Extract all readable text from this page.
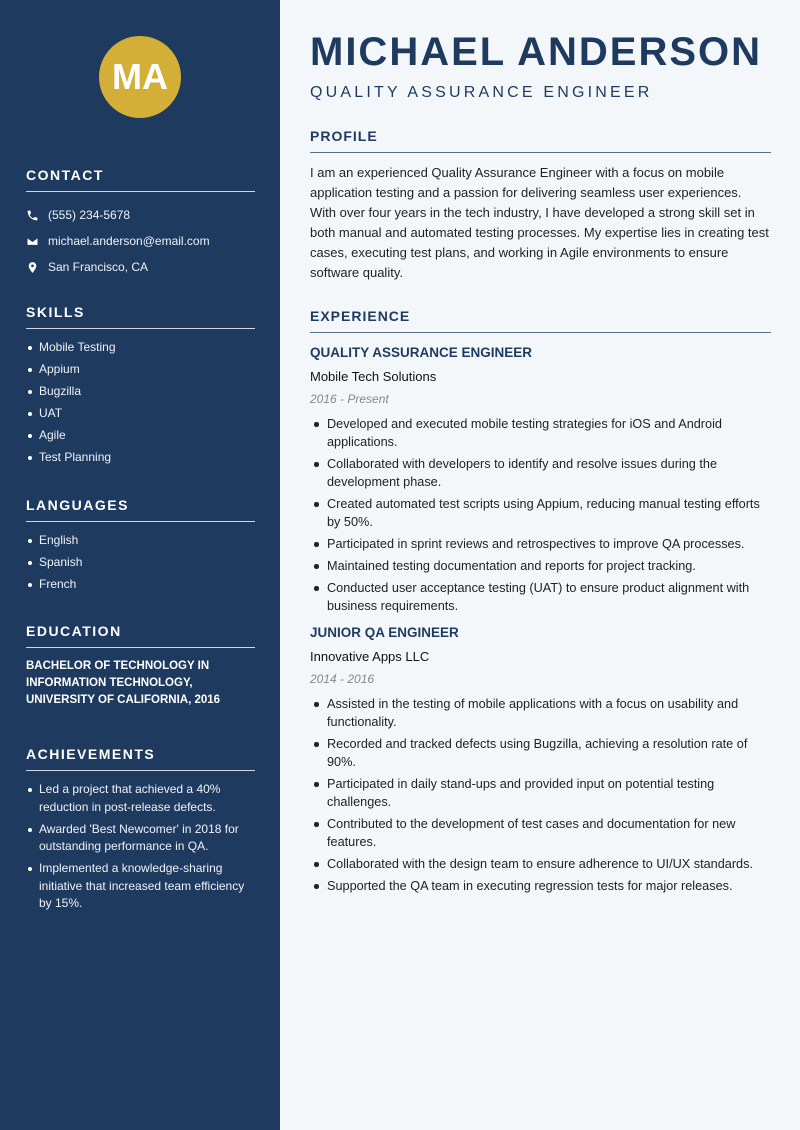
MA
CONTACT
(555) 234-5678
michael.anderson@email.com
San Francisco, CA
SKILLS
Mobile Testing
Appium
Bugzilla
UAT
Agile
Test Planning
LANGUAGES
English
Spanish
French
EDUCATION
BACHELOR OF TECHNOLOGY IN INFORMATION TECHNOLOGY, UNIVERSITY OF CALIFORNIA, 2016
ACHIEVEMENTS
Led a project that achieved a 40% reduction in post-release defects.
Awarded 'Best Newcomer' in 2018 for outstanding performance in QA.
Implemented a knowledge-sharing initiative that increased team efficiency by 15%.
MICHAEL ANDERSON
QUALITY ASSURANCE ENGINEER
PROFILE

I am an experienced Quality Assurance Engineer with a focus on mobile application testing and a passion for delivering seamless user experiences. With over four years in the tech industry, I have developed a strong skill set in both manual and automated testing processes. My expertise lies in creating test cases, executing test plans, and working in Agile environments to ensure software quality.

EXPERIENCE
QUALITY ASSURANCE ENGINEER
Mobile Tech Solutions
2016 - Present
Developed and executed mobile testing strategies for iOS and Android applications.
Collaborated with developers to identify and resolve issues during the development phase.
Created automated test scripts using Appium, reducing manual testing efforts by 50%.
Participated in sprint reviews and retrospectives to improve QA processes.
Maintained testing documentation and reports for project tracking.
Conducted user acceptance testing (UAT) to ensure product alignment with business requirements.
JUNIOR QA ENGINEER
Innovative Apps LLC
2014 - 2016
Assisted in the testing of mobile applications with a focus on usability and functionality.
Recorded and tracked defects using Bugzilla, achieving a resolution rate of 90%.
Participated in daily stand-ups and provided input on potential testing challenges.
Contributed to the development of test cases and documentation for new features.
Collaborated with the design team to ensure adherence to UI/UX standards.
Supported the QA team in executing regression tests for major releases.
